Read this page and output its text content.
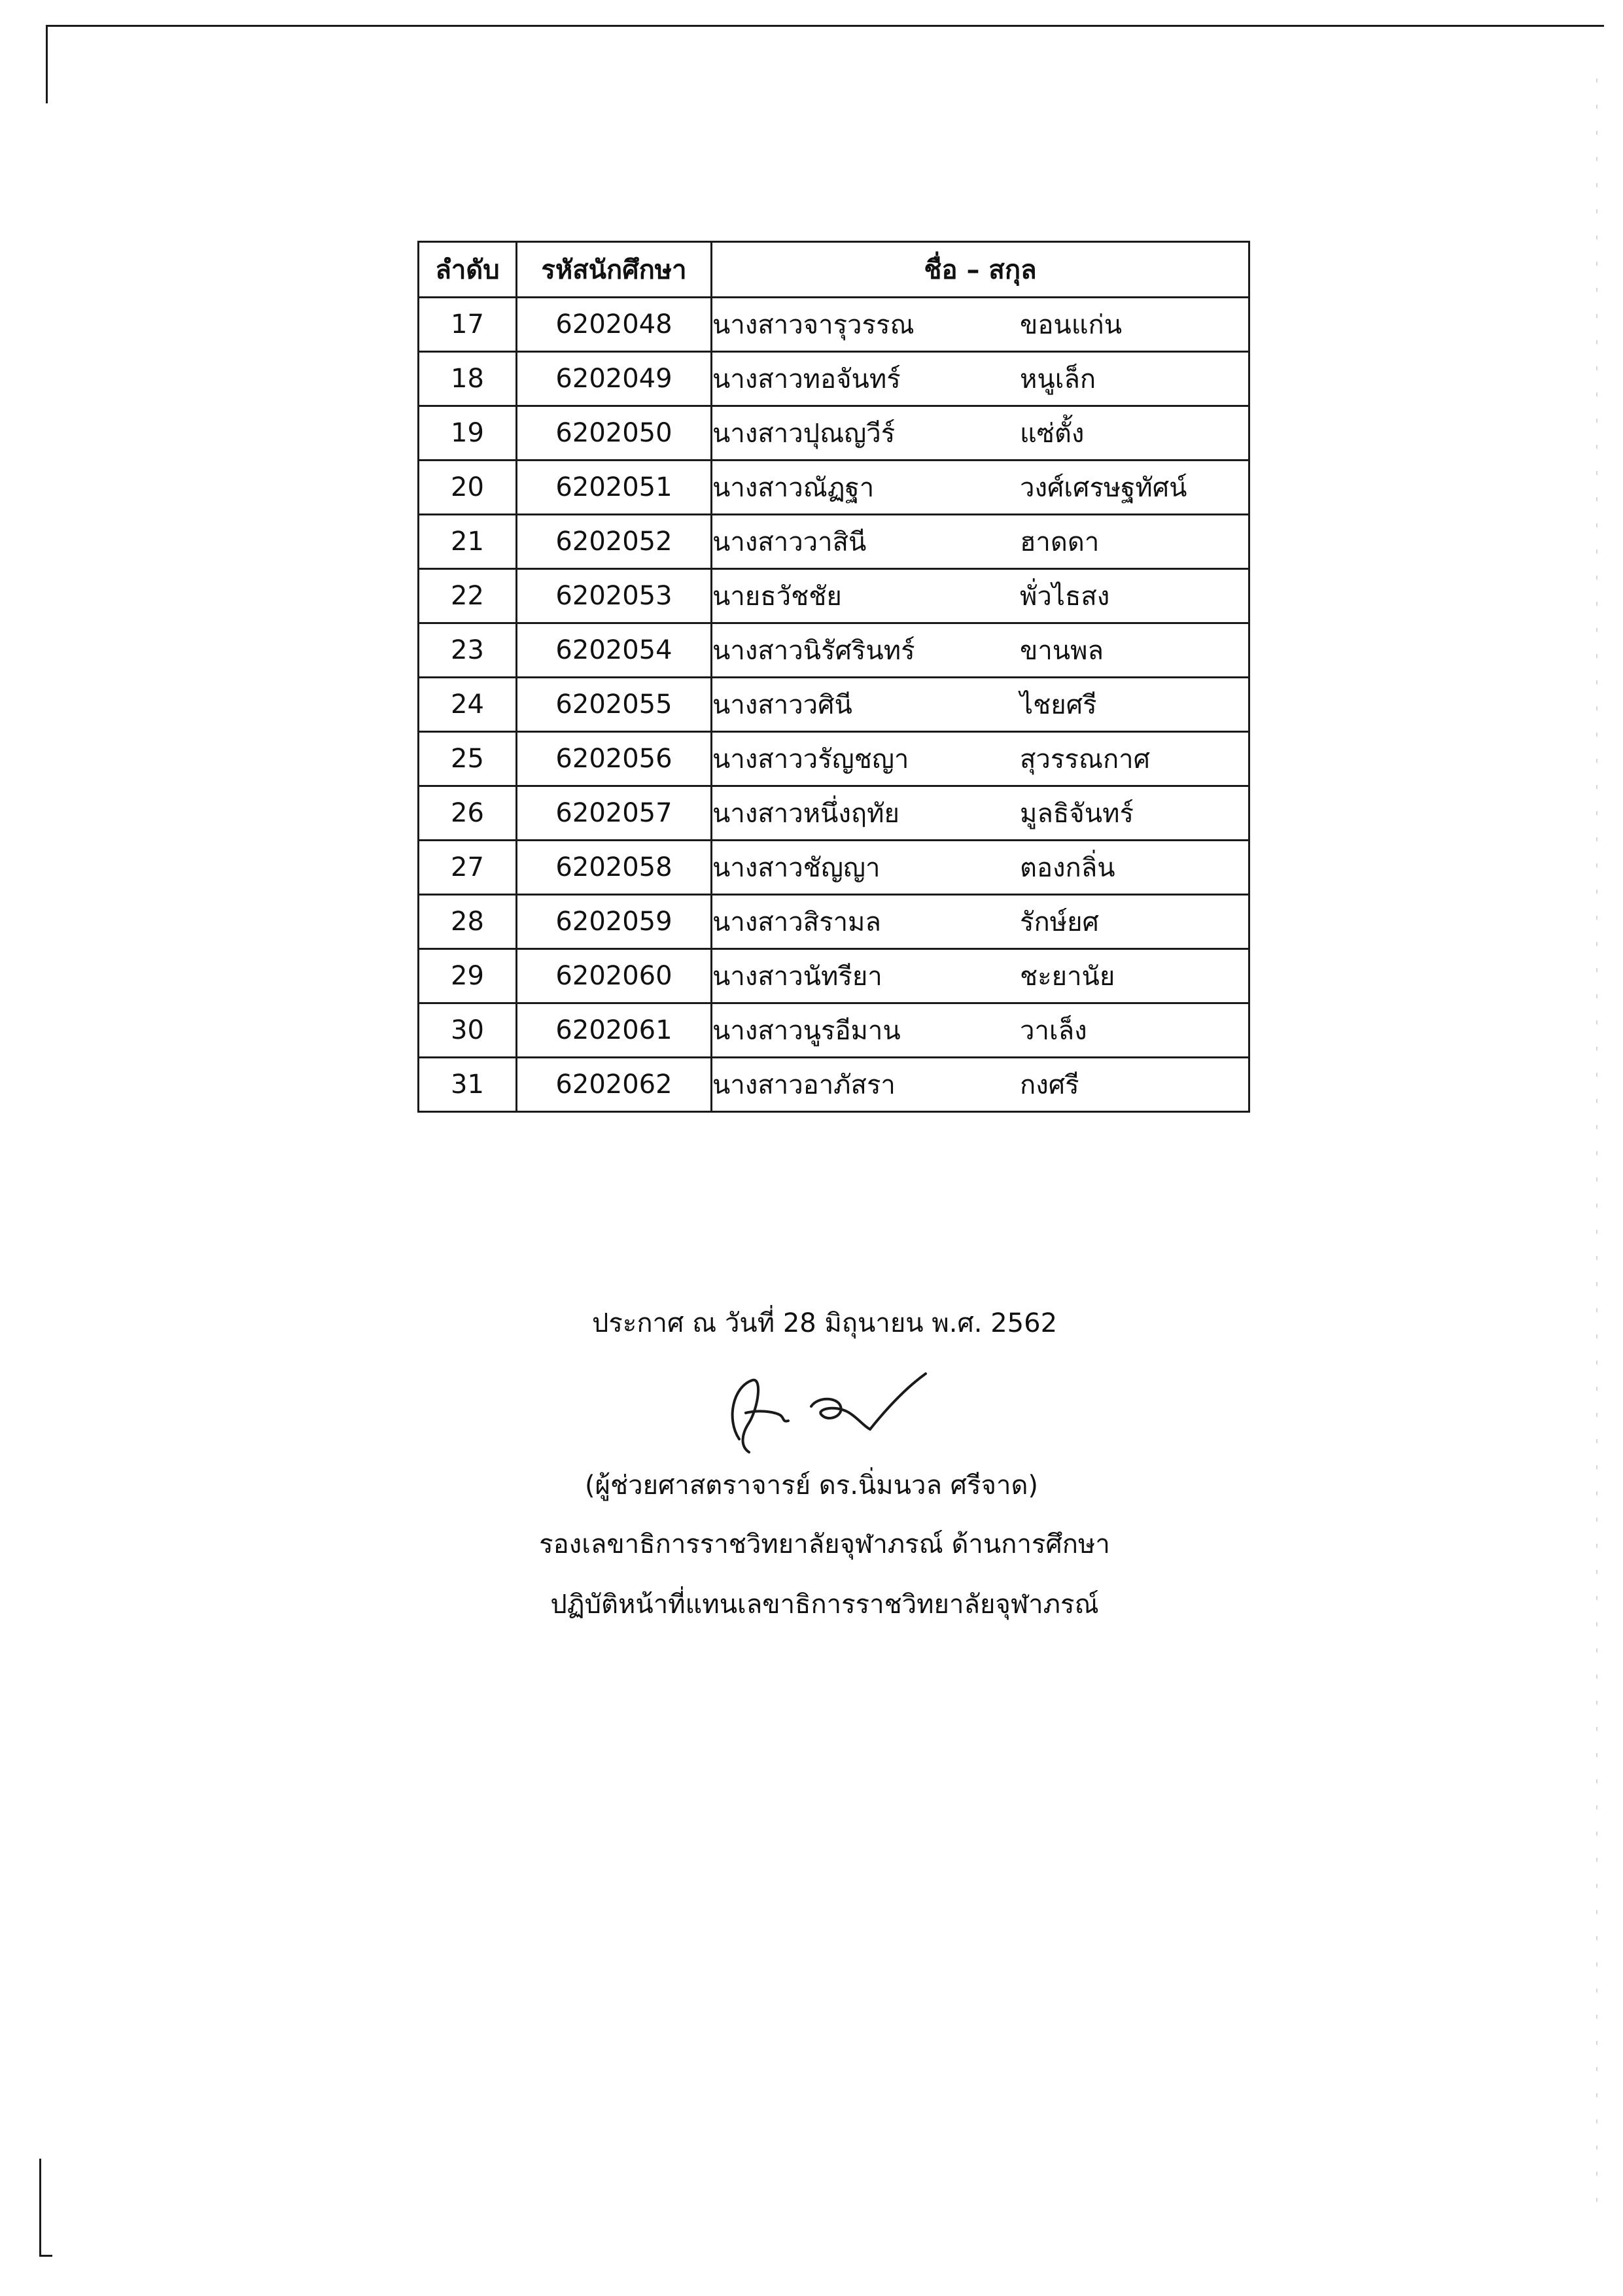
ลำดับ	รหัสนักศึกษา	ชื่อ – สกุล
17	6202048	นางสาวจารุวรรณ ขอนแก่น
18	6202049	นางสาวทอจันทร์ หนูเล็ก
19	6202050	นางสาวปุณญวีร์ แซ่ตั้ง
20	6202051	นางสาวณัฏฐา วงศ์เศรษฐทัศน์
21	6202052	นางสาววาสินี ฮาดดา
22	6202053	นายธวัชชัย พั่วไธสง
23	6202054	นางสาวนิรัศรินทร์ ขานพล
24	6202055	นางสาววศินี ไชยศรี
25	6202056	นางสาววรัญชญา สุวรรณกาศ
26	6202057	นางสาวหนึ่งฤทัย มูลธิจันทร์
27	6202058	นางสาวชัญญา ตองกลิ่น
28	6202059	นางสาวสิรามล รักษ์ยศ
29	6202060	นางสาวนัทรียา ชะยานัย
30	6202061	นางสาวนูรอีมาน วาเล็ง
31	6202062	นางสาวอาภัสรา กงศรี
ประกาศ ณ วันที่ 28 มิถุนายน พ.ศ. 2562
(ผู้ช่วยศาสตราจารย์ ดร.นิ่มนวล ศรีจาด)
รองเลขาธิการราชวิทยาลัยจุฬาภรณ์ ด้านการศึกษา
ปฏิบัติหน้าที่แทนเลขาธิการราชวิทยาลัยจุฬาภรณ์
